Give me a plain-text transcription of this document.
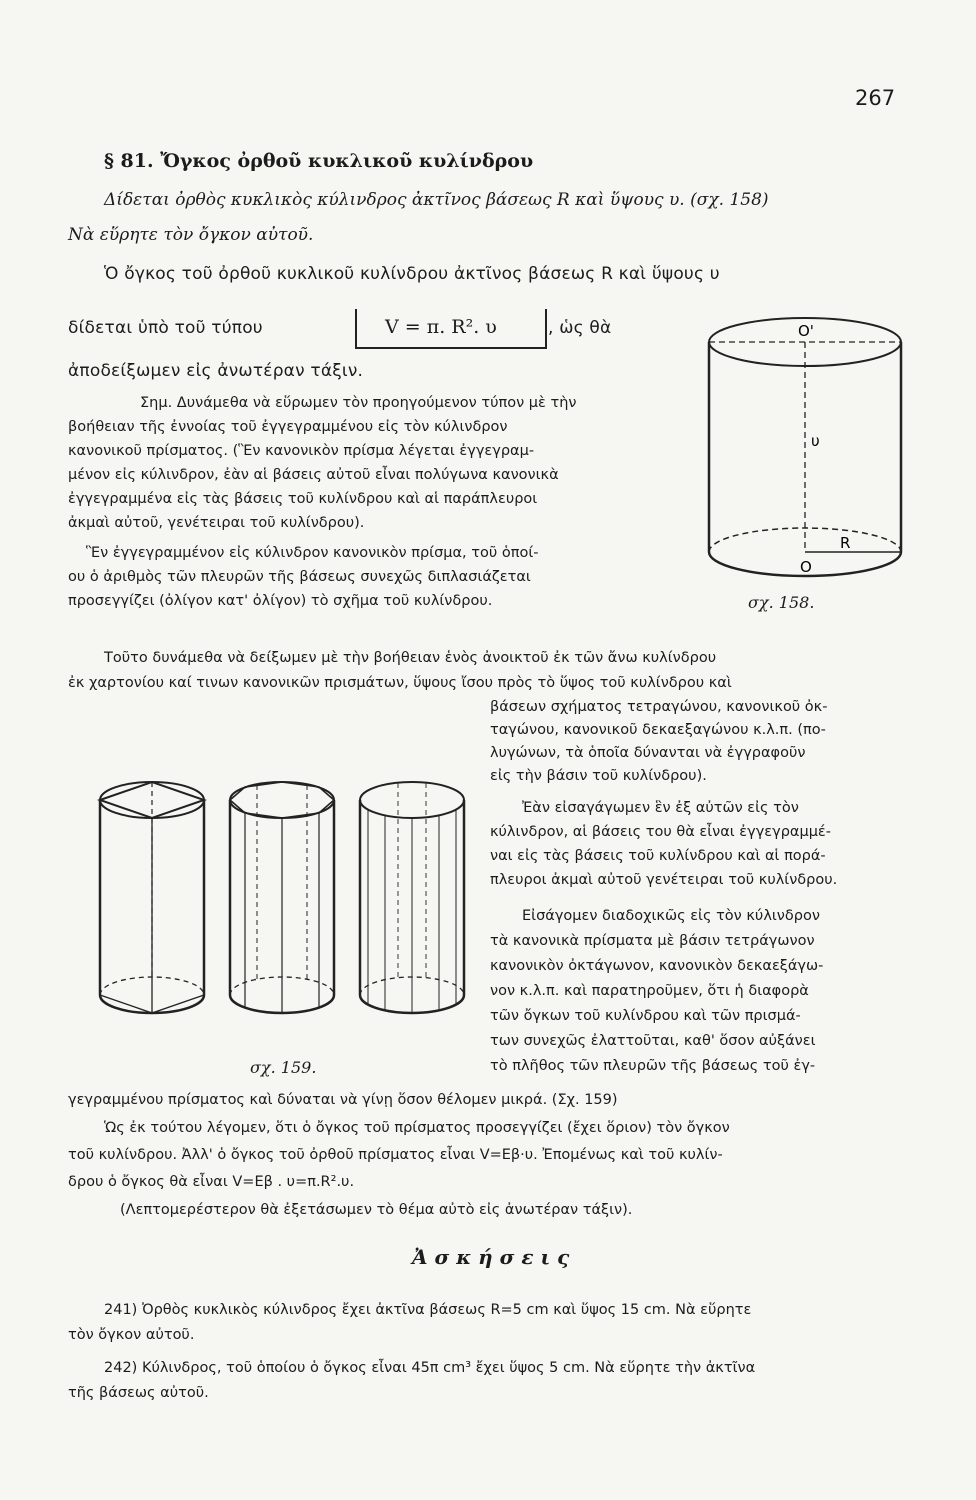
267
§ 81. Ὄγκος ὀρθοῦ κυκλικοῦ κυλίνδρου
Δίδεται ὀρθὸς κυκλικὸς κύλινδρος ἀκτῖνος βάσεως R καὶ ὕψους υ. (σχ. 158)
Νὰ εὕρητε τὸν ὄγκον αὐτοῦ.
Ὁ ὄγκος τοῦ ὀρθοῦ κυκλικοῦ κυλίνδρου ἀκτῖνος βάσεως R καὶ ὕψους υ
δίδεται ὑπὸ τοῦ τύπου	V = π. R². υ	, ὡς θὰ
ἀποδείξωμεν εἰς ἀνωτέραν τάξιν.
Σημ. Δυνάμεθα νὰ εὕρωμεν τὸν προηγούμενον τύπον μὲ τὴν
βοήθειαν τῆς ἐννοίας τοῦ ἐγγεγραμμένου εἰς τὸν κύλινδρον
κανονικοῦ πρίσματος. (Ἓν κανονικὸν πρίσμα λέγεται ἐγγεγραμ-
μένον εἰς κύλινδρον, ἐὰν αἱ βάσεις αὐτοῦ εἶναι πολύγωνα κανονικὰ
ἐγγεγραμμένα εἰς τὰς βάσεις τοῦ κυλίνδρου καὶ αἱ παράπλευροι
ἀκμαὶ αὐτοῦ, γενέτειραι τοῦ κυλίνδρου).
Ἓν ἐγγεγραμμένον εἰς κύλινδρον κανονικὸν πρίσμα, τοῦ ὁποί-
ου ὁ ἀριθμὸς τῶν πλευρῶν τῆς βάσεως συνεχῶς διπλασιάζεται
προσεγγίζει (ὀλίγον κατ' ὀλίγον) τὸ σχῆμα τοῦ κυλίνδρου.
O'
υ
O
R
σχ. 158.
Τοῦτο δυνάμεθα νὰ δείξωμεν μὲ τὴν βοήθειαν ἑνὸς ἀνοικτοῦ ἐκ τῶν ἄνω κυλίνδρου
ἐκ χαρτονίου καί τινων κανονικῶν πρισμάτων, ὕψους ἴσου πρὸς τὸ ὕψος τοῦ κυλίνδρου καὶ
βάσεων σχήματος τετραγώνου, κανονικοῦ ὀκ-
ταγώνου, κανονικοῦ δεκαεξαγώνου κ.λ.π. (πο-
λυγώνων, τὰ ὁποῖα δύνανται νὰ ἐγγραφοῦν
εἰς τὴν βάσιν τοῦ κυλίνδρου).
Ἐὰν εἰσαγάγωμεν ἓν ἐξ αὐτῶν εἰς τὸν
κύλινδρον, αἱ βάσεις του θὰ εἶναι ἐγγεγραμμέ-
ναι εἰς τὰς βάσεις τοῦ κυλίνδρου καὶ αἱ πορά-
πλευροι ἀκμαὶ αὐτοῦ γενέτειραι τοῦ κυλίνδρου.
Εἰσάγομεν διαδοχικῶς εἰς τὸν κύλινδρον
τὰ κανονικὰ πρίσματα μὲ βάσιν τετράγωνον
κανονικὸν ὀκτάγωνον, κανονικὸν δεκαεξάγω-
νον κ.λ.π. καὶ παρατηροῦμεν, ὅτι ἡ διαφορὰ
τῶν ὄγκων τοῦ κυλίνδρου καὶ τῶν πρισμά-
των συνεχῶς ἐλαττοῦται, καθ' ὅσον αὐξάνει
τὸ πλῆθος τῶν πλευρῶν τῆς βάσεως τοῦ ἐγ-
σχ. 159.
γεγραμμένου πρίσματος καὶ δύναται νὰ γίνῃ ὅσον θέλομεν μικρά. (Σχ. 159)
Ὡς ἐκ τούτου λέγομεν, ὅτι ὁ ὄγκος τοῦ πρίσματος προσεγγίζει (ἔχει ὅριον) τὸν ὄγκον
τοῦ κυλίνδρου. Ἀλλ' ὁ ὄγκος τοῦ ὀρθοῦ πρίσματος εἶναι V=Eβ·υ. Ἐπομένως καὶ τοῦ κυλίν-
δρου ὁ ὄγκος θὰ εἶναι V=Eβ . υ=π.R².υ.
(Λεπτομερέστερον θὰ ἐξετάσωμεν τὸ θέμα αὐτὸ εἰς ἀνωτέραν τάξιν).
Ἀ σ κ ή σ ε ι ς
241) Ὀρθὸς κυκλικὸς κύλινδρος ἔχει ἀκτῖνα βάσεως R=5 cm καὶ ὕψος 15 cm. Νὰ εὕρητε
τὸν ὄγκον αὐτοῦ.
242) Κύλινδρος, τοῦ ὁποίου ὁ ὄγκος εἶναι 45π cm³ ἔχει ὕψος 5 cm. Νὰ εὕρητε τὴν ἀκτῖνα
τῆς βάσεως αὐτοῦ.
